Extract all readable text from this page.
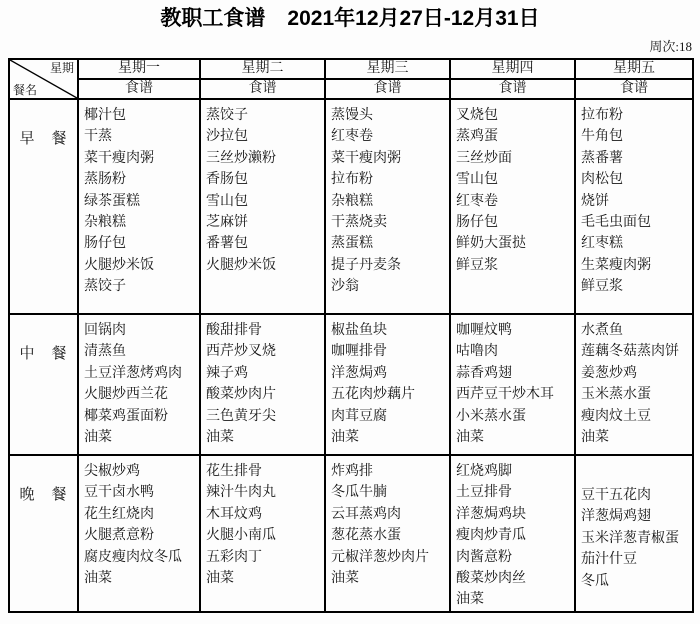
教职工食谱 2021年12月27日-12月31日
周次:18
星期
餐名	星期一	星期二	星期三	星期四	星期五
	食谱	食谱	食谱	食谱	食谱
早　餐	
椰汁包
干蒸
菜干瘦肉粥
蒸肠粉
绿茶蛋糕
杂粮糕
肠仔包
火腿炒米饭
蒸饺子

蒸饺子
沙拉包
三丝炒濑粉
香肠包
雪山包
芝麻饼
番薯包
火腿炒米饭

蒸馒头
红枣卷
菜干瘦肉粥
拉布粉
杂粮糕
干蒸烧卖
蒸蛋糕
提子丹麦条
沙翁

叉烧包
蒸鸡蛋
三丝炒面
雪山包
红枣卷
肠仔包
鲜奶大蛋挞
鲜豆浆

拉布粉
牛角包
蒸番薯
肉松包
烧饼
毛毛虫面包
红枣糕
生菜瘦肉粥
鲜豆浆

中　餐	
回锅肉
清蒸鱼
土豆洋葱烤鸡肉
火腿炒西兰花
椰菜鸡蛋面粉
油菜

酸甜排骨
西芹炒叉烧
辣子鸡
酸菜炒肉片
三色黄牙尖
油菜

椒盐鱼块
咖喱排骨
洋葱焗鸡
五花肉炒藕片
肉茸豆腐
油菜

咖喱炆鸭
咕噜肉
蒜香鸡翅
西芹豆干炒木耳
小米蒸水蛋
油菜

水煮鱼
莲藕冬菇蒸肉饼
姜葱炒鸡
玉米蒸水蛋
瘦肉炆土豆
油菜

晚　餐	
尖椒炒鸡
豆干卤水鸭
花生红烧肉
火腿煮意粉
腐皮瘦肉炆冬瓜
油菜

花生排骨
辣汁牛肉丸
木耳炆鸡
火腿小南瓜
五彩肉丁
油菜

炸鸡排
冬瓜牛腩
云耳蒸鸡肉
葱花蒸水蛋
元椒洋葱炒肉片
油菜

红烧鸡脚
土豆排骨
洋葱焗鸡块
瘦肉炒青瓜
肉酱意粉
酸菜炒肉丝
油菜

豆干五花肉
洋葱焗鸡翅
玉米洋葱青椒蛋
茄汁什豆
冬瓜
